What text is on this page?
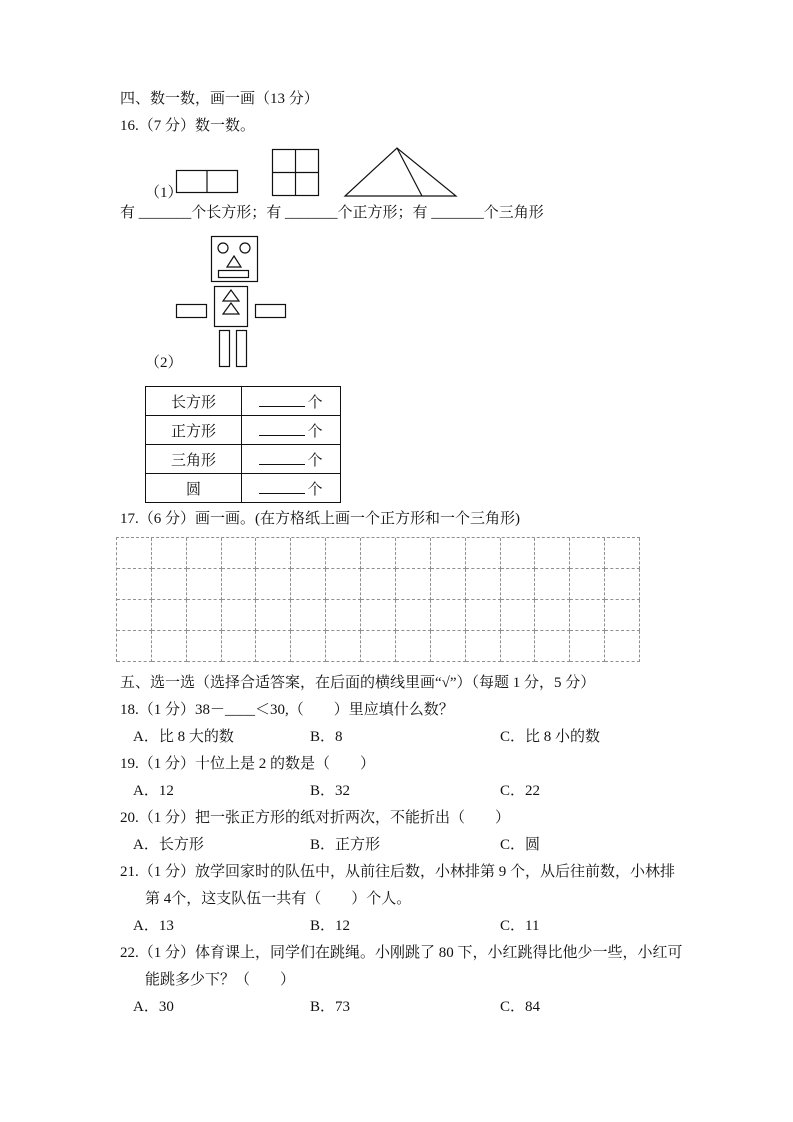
四、数一数，画一画（13 分）
16.（7 分）数一数。
（1）
有 _______个长方形；有 _______个正方形；有 _______个三角形
（2）
长方形	个
正方形	个
三角形	个
圆	个
17.（6 分）画一画。(在方格纸上画一个正方形和一个三角形)
五、选一选（选择合适答案，在后面的横线里画“√”）（每题 1 分，5 分）
18.（1 分）38－____＜30,（　　）里应填什么数？
A．比 8 大的数	B．8	C．比 8 小的数
19.（1 分）十位上是 2 的数是（　　）
A．12	B．32	C．22
20.（1 分）把一张正方形的纸对折两次，不能折出（　　）
A．长方形	B．正方形	C．圆
21.（1 分）放学回家时的队伍中，从前往后数，小林排第 9 个，从后往前数，小林排第 4个，这支队伍一共有（　　）个人。
A．13	B．12	C．11
22.（1 分）体育课上，同学们在跳绳。小刚跳了 80 下，小红跳得比他少一些，小红可能跳多少下？（　　）
A．30	B．73	C．84
